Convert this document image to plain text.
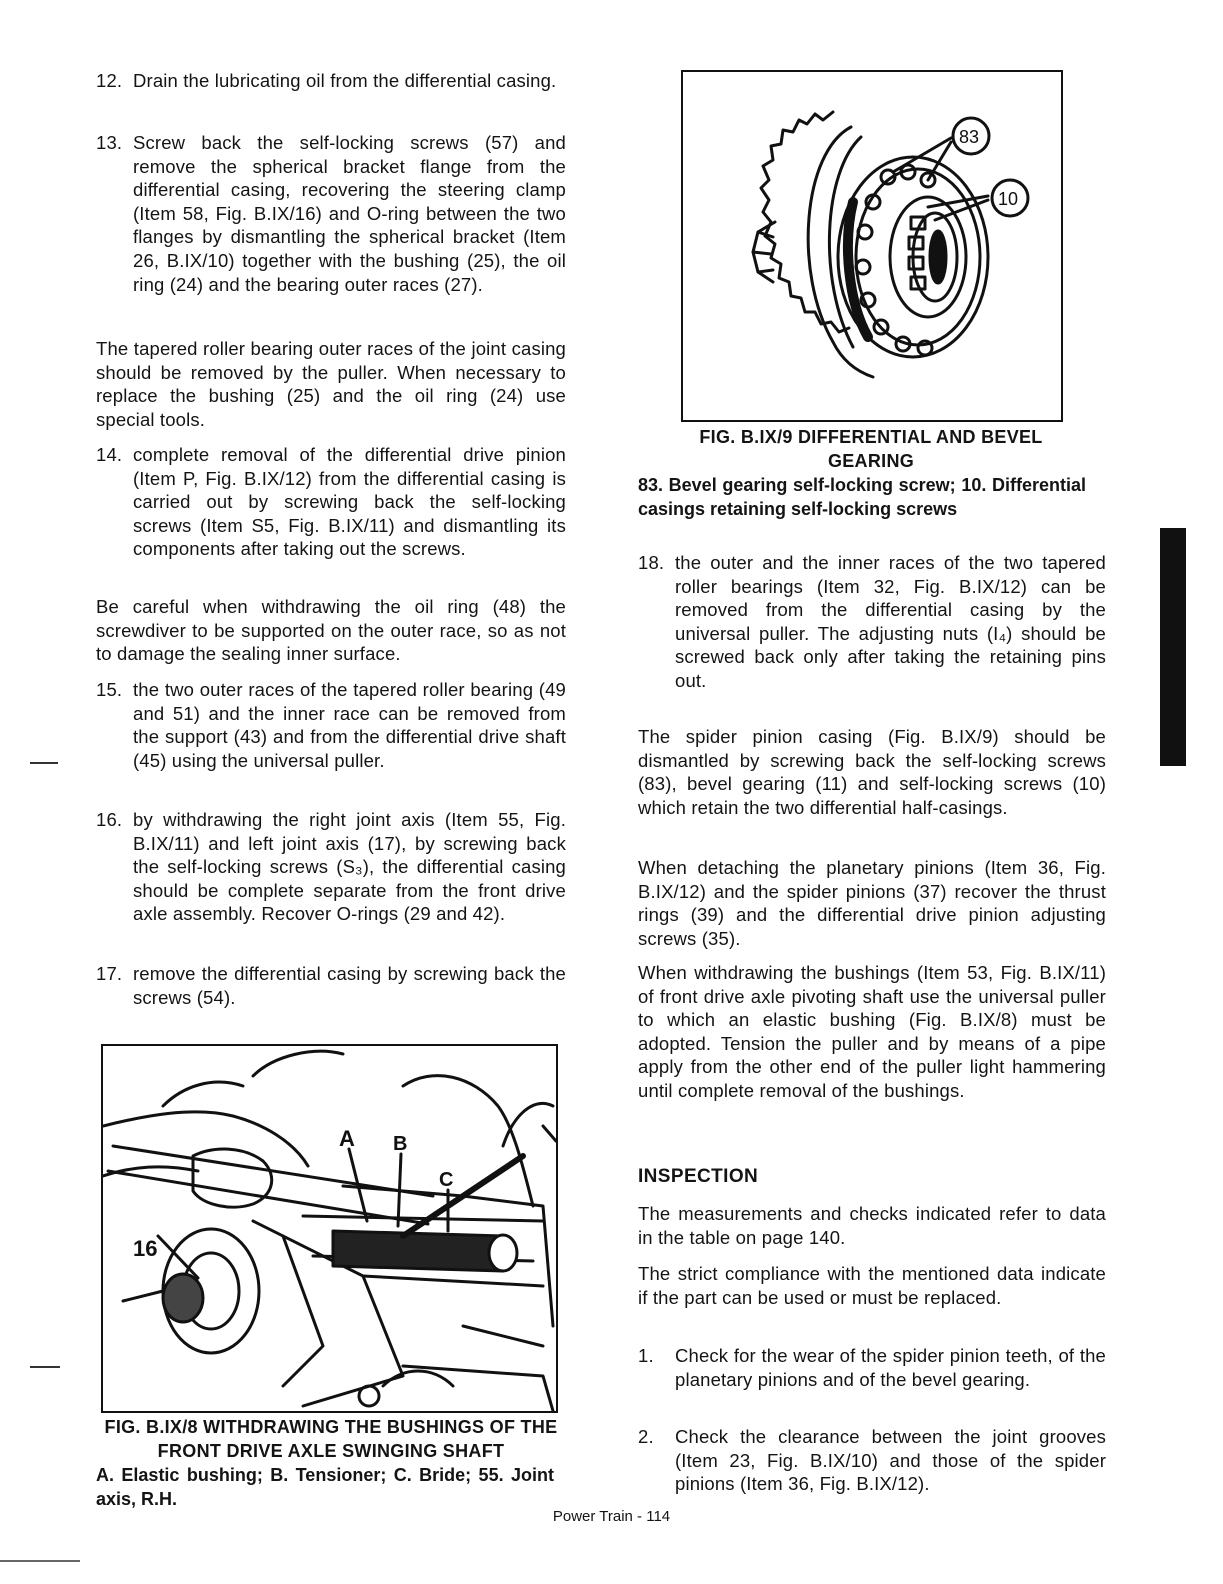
12. Drain the lubricating oil from the differential casing.
13. Screw back the self-locking screws (57) and remove the spherical bracket flange from the differential casing, recovering the steering clamp (Item 58, Fig. B.IX/16) and O-ring between the two flanges by dismantling the spherical bracket (Item 26, B.IX/10) together with the bushing (25), the oil ring (24) and the bearing outer races (27).
The tapered roller bearing outer races of the joint casing should be removed by the puller. When necessary to replace the bushing (25) and the oil ring (24) use special tools.
14. complete removal of the differential drive pinion (Item P, Fig. B.IX/12) from the differential casing is carried out by screwing back the self-locking screws (Item S5, Fig. B.IX/11) and dismantling its components after taking out the screws.
Be careful when withdrawing the oil ring (48) the screwdiver to be supported on the outer race, so as not to damage the sealing inner surface.
15. the two outer races of the tapered roller bearing (49 and 51) and the inner race can be removed from the support (43) and from the differential drive shaft (45) using the universal puller.
16. by withdrawing the right joint axis (Item 55, Fig. B.IX/11) and left joint axis (17), by screwing back the self-locking screws (S₃), the differential casing should be complete separate from the front drive axle assembly. Recover O-rings (29 and 42).
17. remove the differential casing by screwing back the screws (54).
A B
C
16
FIG. B.IX/8 WITHDRAWING THE BUSHINGS OF THE FRONT DRIVE AXLE SWINGING SHAFT
A. Elastic bushing; B. Tensioner; C. Bride; 55. Joint axis, R.H.
83
10
FIG. B.IX/9 DIFFERENTIAL AND BEVEL GEARING
83. Bevel gearing self-locking screw; 10. Differential casings retaining self-locking screws
18. the outer and the inner races of the two tapered roller bearings (Item 32, Fig. B.IX/12) can be removed from the differential casing by the universal puller. The adjusting nuts (I₄) should be screwed back only after taking the retaining pins out.
The spider pinion casing (Fig. B.IX/9) should be dismantled by screwing back the self-locking screws (83), bevel gearing (11) and self-locking screws (10) which retain the two differential half-casings.
When detaching the planetary pinions (Item 36, Fig. B.IX/12) and the spider pinions (37) recover the thrust rings (39) and the differential drive pinion adjusting screws (35).
When withdrawing the bushings (Item 53, Fig. B.IX/11) of front drive axle pivoting shaft use the universal puller to which an elastic bushing (Fig. B.IX/8) must be adopted. Tension the puller and by means of a pipe apply from the other end of the puller light hammering until complete removal of the bushings.
INSPECTION
The measurements and checks indicated refer to data in the table on page 140.
The strict compliance with the mentioned data indicate if the part can be used or must be replaced.
1.	Check for the wear of the spider pinion teeth, of the planetary pinions and of the bevel gearing.
2.	Check the clearance between the joint grooves (Item 23, Fig. B.IX/10) and those of the spider pinions (Item 36, Fig. B.IX/12).
Power Train - 114
